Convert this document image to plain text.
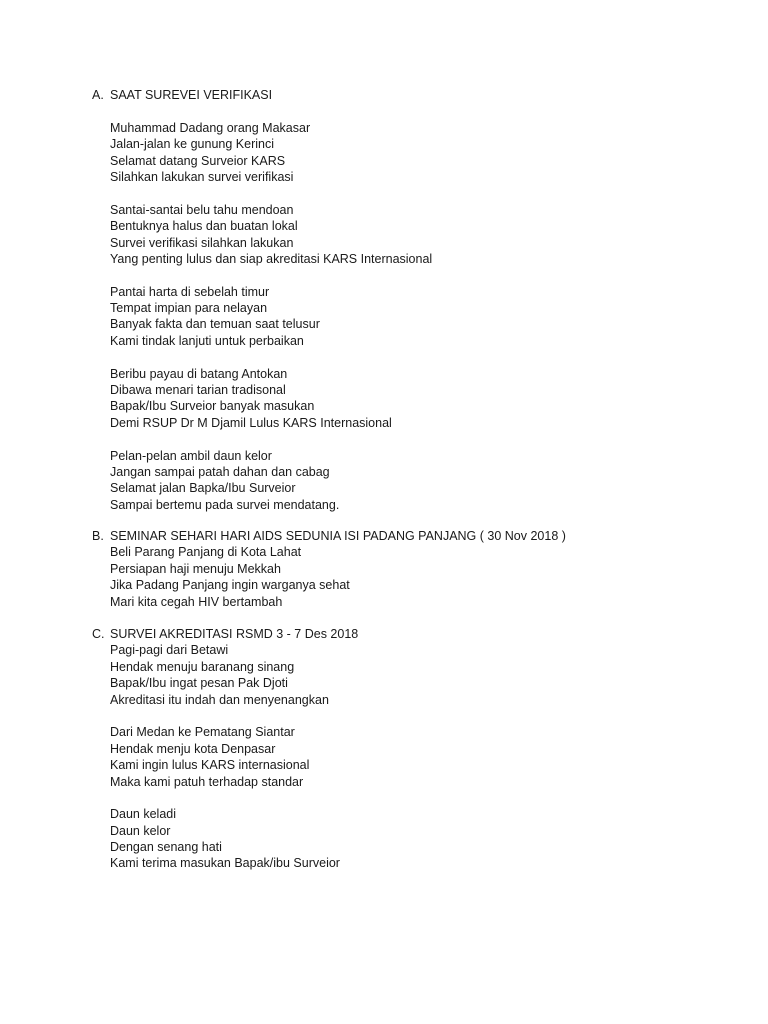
A. SAAT SUREVEI VERIFIKASI
Muhammad Dadang orang Makasar
Jalan-jalan ke gunung Kerinci
Selamat datang Surveior KARS
Silahkan lakukan survei verifikasi
Santai-santai belu tahu mendoan
Bentuknya halus dan buatan lokal
Survei verifikasi silahkan lakukan
Yang penting lulus dan siap akreditasi KARS Internasional
Pantai harta di sebelah timur
Tempat impian para nelayan
Banyak fakta dan temuan saat telusur
Kami tindak lanjuti untuk perbaikan
Beribu payau di batang Antokan
Dibawa menari tarian tradisonal
Bapak/Ibu Surveior banyak masukan
Demi RSUP Dr M Djamil Lulus KARS Internasional
Pelan-pelan ambil daun kelor
Jangan sampai patah dahan dan cabag
Selamat jalan Bapka/Ibu Surveior
Sampai bertemu pada survei mendatang.
B. SEMINAR SEHARI HARI AIDS SEDUNIA ISI PADANG PANJANG ( 30 Nov 2018 )
Beli Parang Panjang di Kota Lahat
Persiapan haji menuju Mekkah
Jika Padang Panjang ingin warganya sehat
Mari kita cegah HIV bertambah
C. SURVEI AKREDITASI RSMD 3 - 7 Des 2018
Pagi-pagi dari Betawi
Hendak menuju baranang sinang
Bapak/Ibu ingat pesan Pak Djoti
Akreditasi itu indah dan menyenangkan
Dari Medan ke Pematang Siantar
Hendak menju kota Denpasar
Kami ingin lulus KARS internasional
Maka kami patuh terhadap standar
Daun keladi
Daun kelor
Dengan senang hati
Kami terima masukan Bapak/ibu Surveior
